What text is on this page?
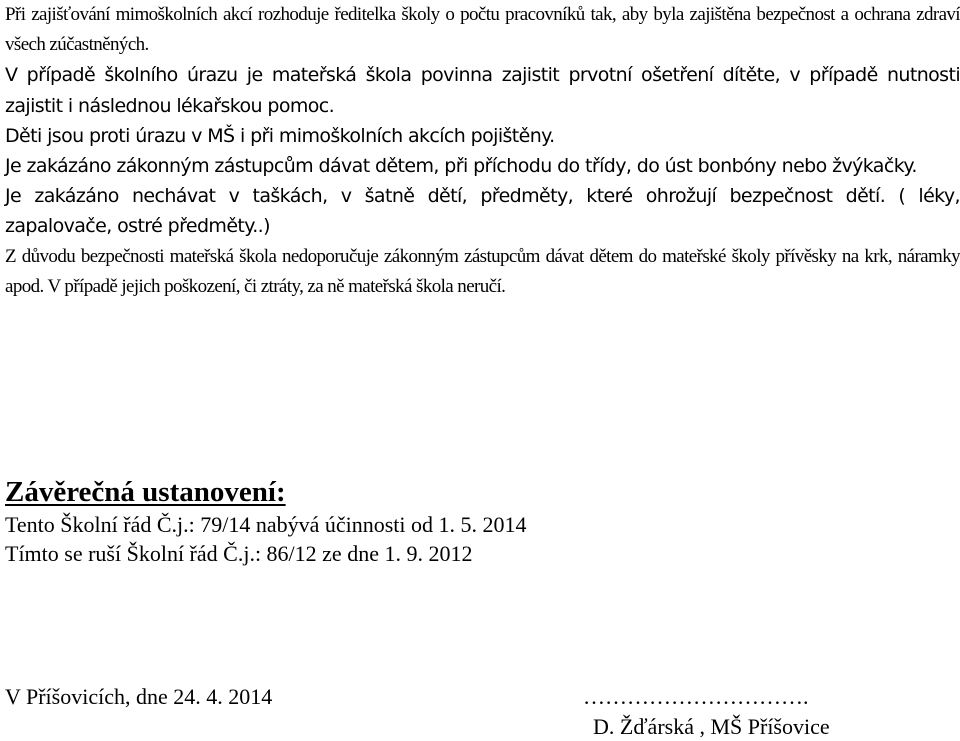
Při zajišťování mimoškolních akcí rozhoduje ředitelka školy o počtu pracovníků tak, aby byla zajištěna bezpečnost a ochrana zdraví všech zúčastněných.

V případě školního úrazu je mateřská škola povinna zajistit prvotní ošetření dítěte, v případě nutnosti zajistit i následnou lékařskou pomoc.

Děti jsou proti úrazu v MŠ i při mimoškolních akcích pojištěny.

Je zakázáno zákonným zástupcům dávat dětem, při příchodu do třídy, do úst bonbóny nebo žvýkačky.

Je zakázáno nechávat v taškách, v šatně dětí, předměty, které ohrožují bezpečnost dětí. ( léky, zapalovače, ostré předměty..)

Z důvodu bezpečnosti mateřská škola nedoporučuje zákonným zástupcům dávat dětem do mateřské školy přívěsky na krk, náramky apod. V případě jejich poškození, či ztráty, za ně mateřská škola neručí.

Závěrečná ustanovení:

Tento Školní řád Č.j.: 79/14 nabývá účinnosti od 1. 5. 2014

Tímto se ruší Školní řád Č.j.: 86/12 ze dne 1. 9. 2012

V Příšovicích, dne 24. 4. 2014	………………………….

D. Žďárská , MŠ Příšovice
